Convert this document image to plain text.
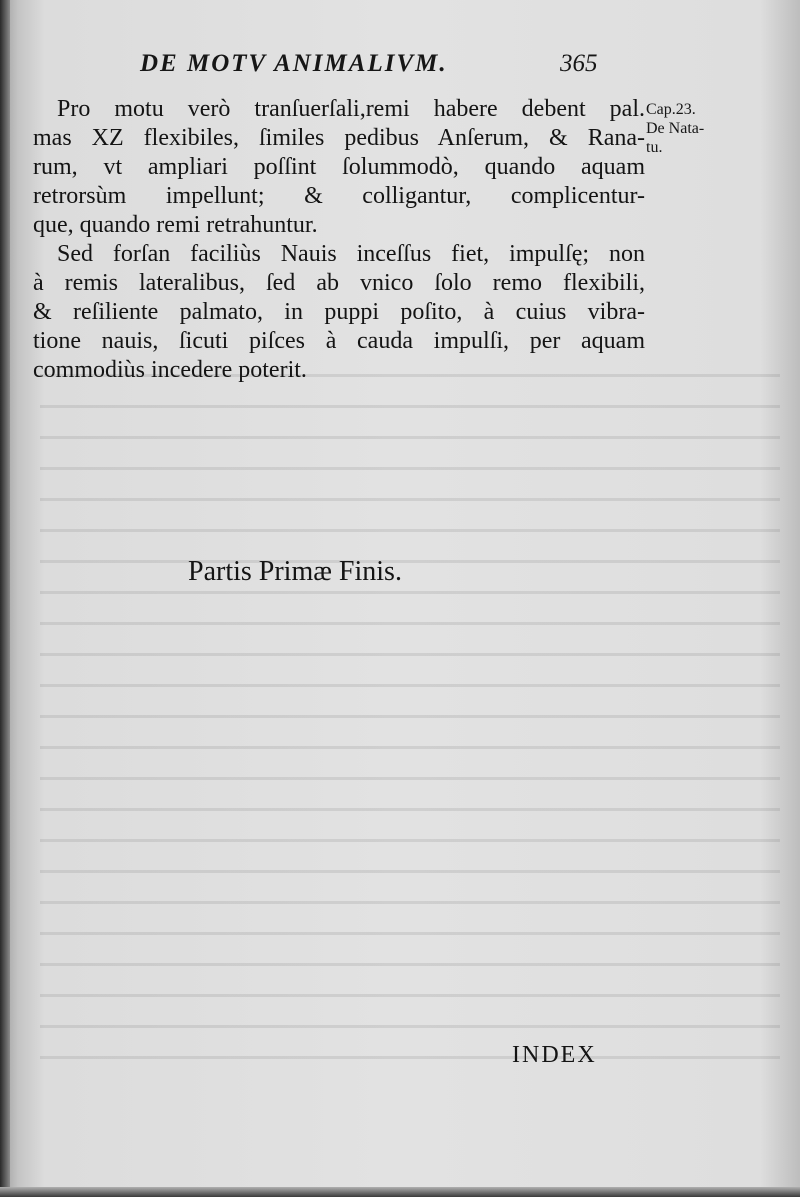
DE MOTV ANIMALIVM.	365
Cap.23.
De Nata-
tu.
Pro motu verò tranſuerſali,remi habere debent pal.
mas XZ flexibiles, ſimiles pedibus Anſerum, & Rana-
rum, vt ampliari poſſint ſolummodò, quando aquam
retrorsùm impellunt; & colligantur, complicentur-
que, quando remi retrahuntur.
Sed forſan faciliùs Nauis inceſſus fiet, impulſę; non
à remis lateralibus, ſed ab vnico ſolo remo flexibili,
& reſiliente palmato, in puppi poſito, à cuius vibra-
tione nauis, ſicuti piſces à cauda impulſi, per aquam
commodiùs incedere poterit.
Partis Primæ Finis.
INDEX
